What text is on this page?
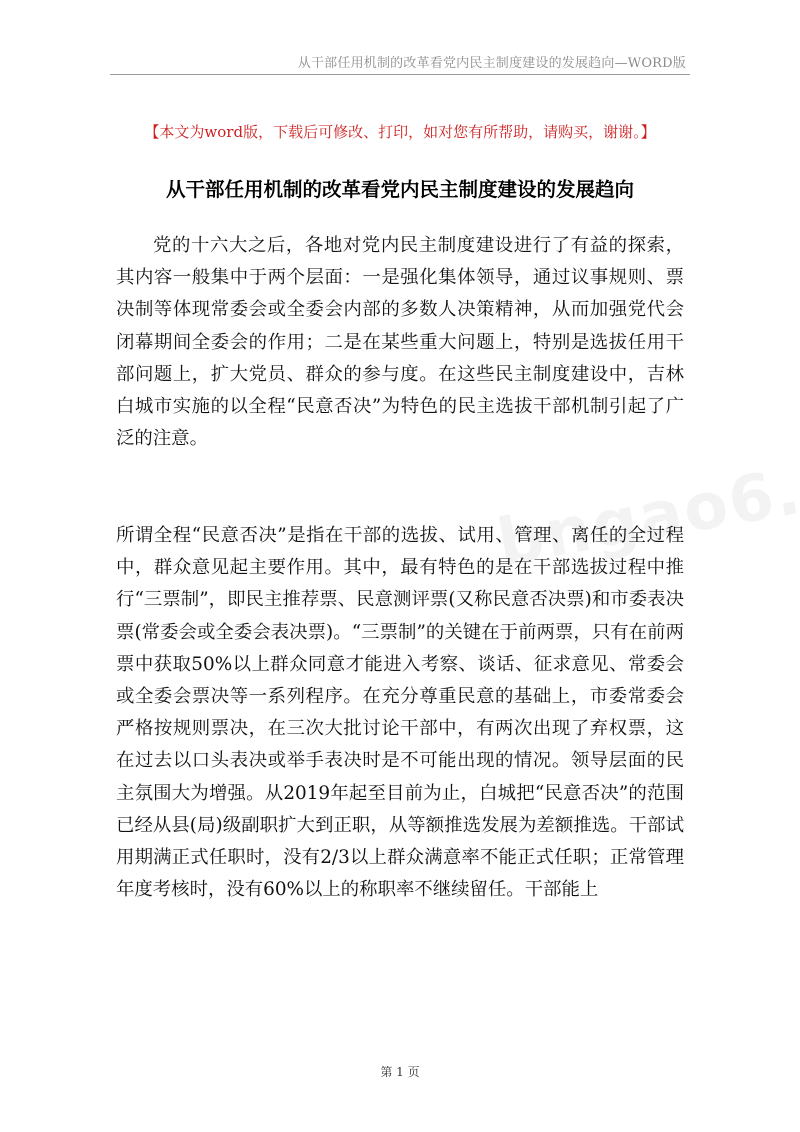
从干部任用机制的改革看党内民主制度建设的发展趋向—WORD版
【本文为word版，下载后可修改、打印，如对您有所帮助，请购买，谢谢。】
从干部任用机制的改革看党内民主制度建设的发展趋向

党的十六大之后，各地对党内民主制度建设进行了有益的探索，其内容一般集中于两个层面：一是强化集体领导，通过议事规则、票决制等体现常委会或全委会内部的多数人决策精神，从而加强党代会闭幕期间全委会的作用；二是在某些重大问题上，特别是选拔任用干部问题上，扩大党员、群众的参与度。在这些民主制度建设中，吉林白城市实施的以全程“民意否决”为特色的民主选拔干部机制引起了广泛的注意。

所谓全程“民意否决”是指在干部的选拔、试用、管理、离任的全过程中，群众意见起主要作用。其中，最有特色的是在干部选拔过程中推行“三票制”，即民主推荐票、民意测评票(又称民意否决票)和市委表决票(常委会或全委会表决票)。“三票制”的关键在于前两票，只有在前两票中获取50%以上群众同意才能进入考察、谈话、征求意见、常委会或全委会票决等一系列程序。在充分尊重民意的基础上，市委常委会严格按规则票决，在三次大批讨论干部中，有两次出现了弃权票，这在过去以口头表决或举手表决时是不可能出现的情况。领导层面的民主氛围大为增强。从2019年起至目前为止，白城把“民意否决”的范围已经从县(局)级副职扩大到正职，从等额推选发展为差额推选。干部试用期满正式任职时，没有2/3以上群众满意率不能正式任职；正常管理年度考核时，没有60%以上的称职率不继续留任。干部能上

第 1 页
